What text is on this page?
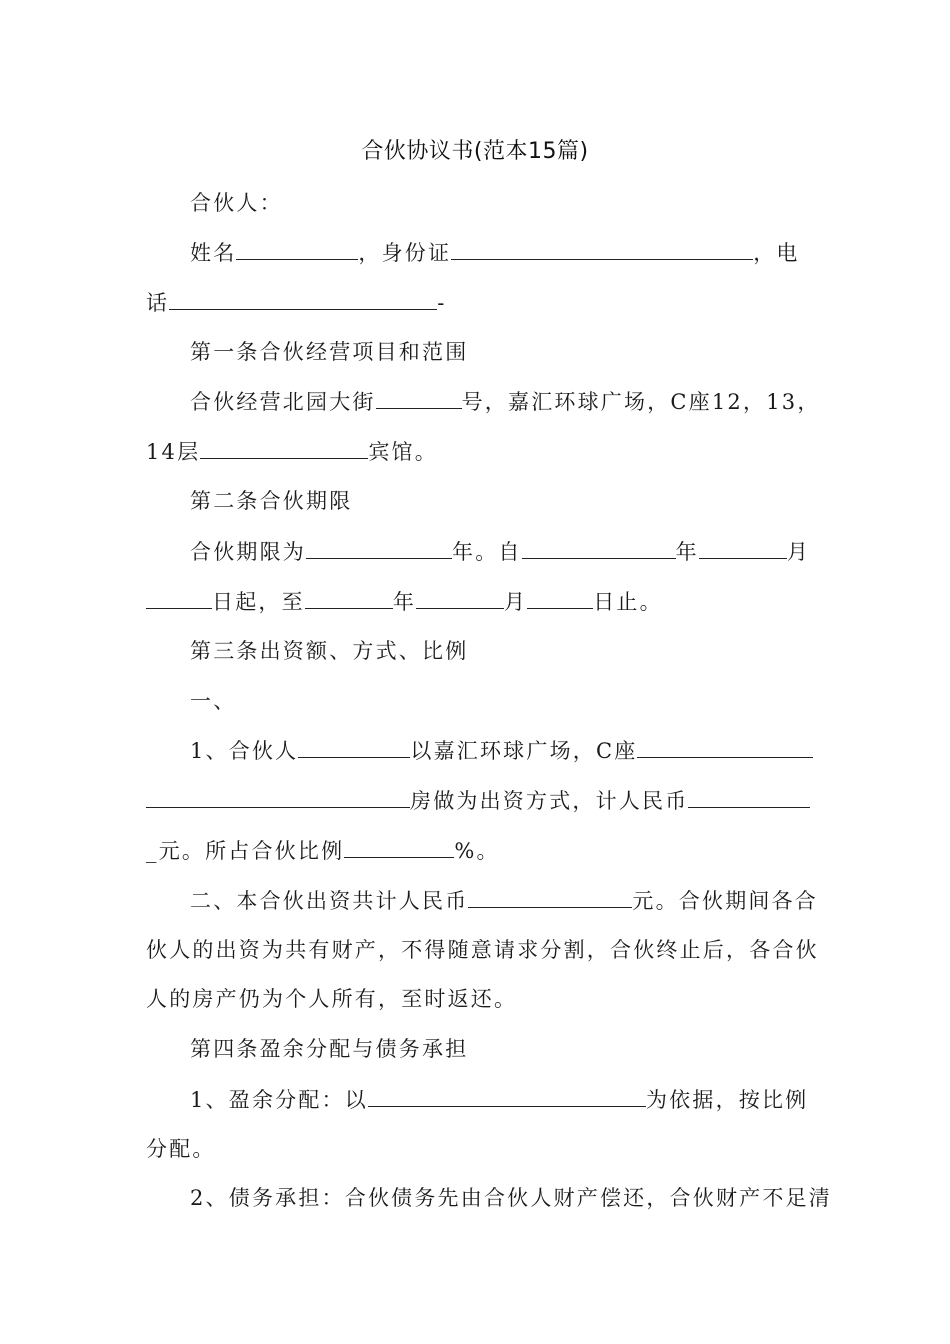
合伙协议书(范本15篇)
合伙人：
姓名	，身份证	，电
话	-
第一条合伙经营项目和范围
合伙经营北园大街	号，嘉汇环球广场，C座12，13，
14层	宾馆。
第二条合伙期限
合伙期限为	年。自	年	月
日起，至	年	月	日止。
第三条出资额、方式、比例
一、
1、合伙人	以嘉汇环球广场，C座
房做为出资方式，计人民币
_元。所占合伙比例	%。
二、本合伙出资共计人民币	元。合伙期间各合
伙人的出资为共有财产，不得随意请求分割，合伙终止后，各合伙
人的房产仍为个人所有，至时返还。
第四条盈余分配与债务承担
1、盈余分配：以	为依据，按比例
分配。
2、债务承担：合伙债务先由合伙人财产偿还，合伙财产不足清
